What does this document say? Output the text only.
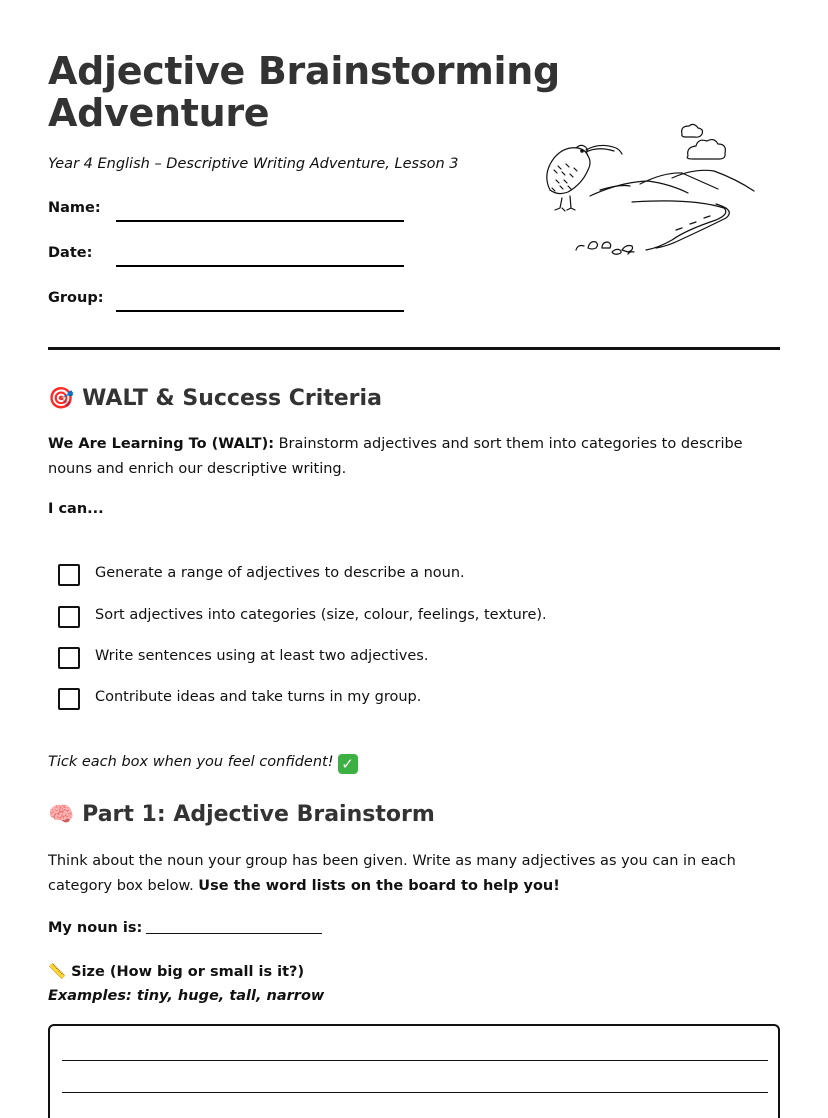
Adjective Brainstorming
Adventure
Year 4 English – Descriptive Writing Adventure, Lesson 3
Name:
Date:
Group:
🎯 WALT & Success Criteria
We Are Learning To (WALT): Brainstorm adjectives and sort them into categories to describe nouns and enrich our descriptive writing.
I can...
Generate a range of adjectives to describe a noun.
Sort adjectives into categories (size, colour, feelings, texture).
Write sentences using at least two adjectives.
Contribute ideas and take turns in my group.
Tick each box when you feel confident! ✓
🧠 Part 1: Adjective Brainstorm
Think about the noun your group has been given. Write as many adjectives as you can in each category box below. Use the word lists on the board to help you!
My noun is:
📏 Size (How big or small is it?)
Examples: tiny, huge, tall, narrow
